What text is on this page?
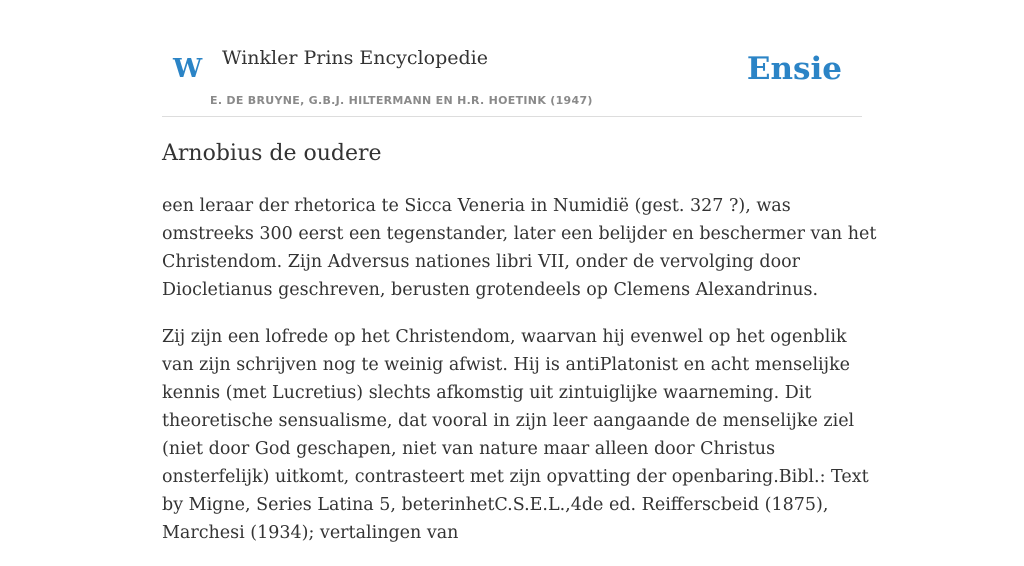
W Winkler Prins Encyclopedie
E. DE BRUYNE, G.B.J. HILTERMANN EN H.R. HOETINK (1947)
Ensie
Arnobius de oudere

een leraar der rhetorica te Sicca Veneria in Numidië (gest. 327 ?), was omstreeks 300 eerst een tegenstander, later een belijder en beschermer van het Christendom. Zijn Adversus nationes libri VII, onder de vervolging door Diocletianus geschreven, berusten grotendeels op Clemens Alexandrinus.

Zij zijn een lofrede op het Christendom, waarvan hij evenwel op het ogenblik van zijn schrijven nog te weinig afwist. Hij is antiPlatonist en acht menselijke kennis (met Lucretius) slechts afkomstig uit zintuiglijke waarneming. Dit theoretische sensualisme, dat vooral in zijn leer aangaande de menselijke ziel (niet door God geschapen, niet van nature maar alleen door Christus onsterfelijk) uitkomt, contrasteert met zijn opvatting der openbaring.Bibl.: Text by Migne, Series Latina 5, beterinhetC.S.E.L.,4de ed. Reifferscbeid (1875), Marchesi (1934); vertalingen van
